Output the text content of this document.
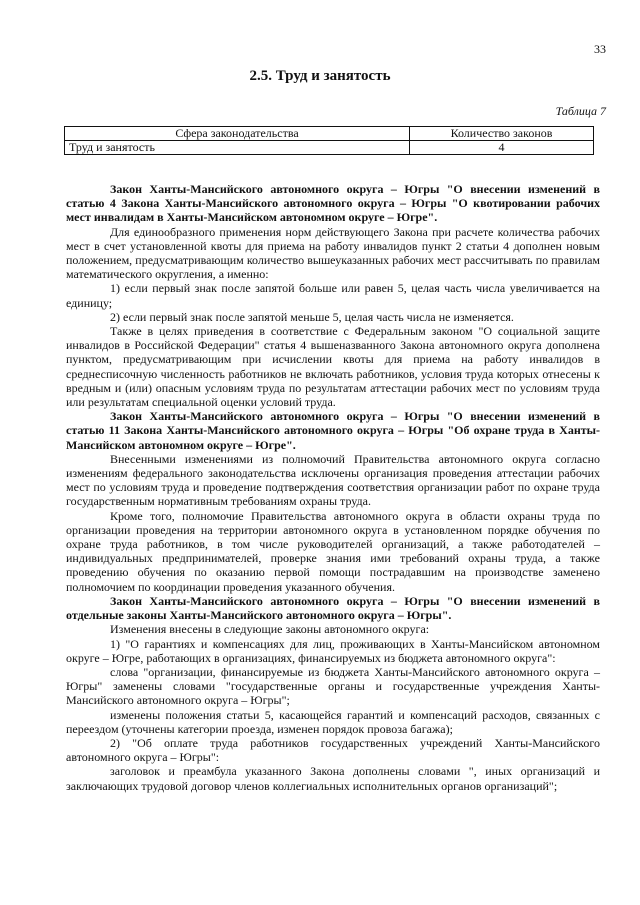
33
2.5. Труд и занятость
Таблица 7
Сфера законодательства	Количество законов
Труд и занятость	4

Закон Ханты-Мансийского автономного округа – Югры "О внесении изменений в статью 4 Закона Ханты-Мансийского автономного округа – Югры "О квотировании рабочих мест инвалидам в Ханты-Мансийском автономном округе – Югре".

Для единообразного применения норм действующего Закона при расчете количества рабочих мест в счет установленной квоты для приема на работу инвалидов пункт 2 статьи 4 дополнен новым положением, предусматривающим количество вышеуказанных рабочих мест рассчитывать по правилам математического округления, а именно:

1) если первый знак после запятой больше или равен 5, целая часть числа увеличивается на единицу;

2) если первый знак после запятой меньше 5, целая часть числа не изменяется.

Также в целях приведения в соответствие с Федеральным законом "О социальной защите инвалидов в Российской Федерации" статья 4 вышеназванного Закона автономного округа дополнена пунктом, предусматривающим при исчислении квоты для приема на работу инвалидов в среднесписочную численность работников не включать работников, условия труда которых отнесены к вредным и (или) опасным условиям труда по результатам аттестации рабочих мест по условиям труда или результатам специальной оценки условий труда.

Закон Ханты-Мансийского автономного округа – Югры "О внесении изменений в статью 11 Закона Ханты-Мансийского автономного округа – Югры "Об охране труда в Ханты-Мансийском автономном округе – Югре".

Внесенными изменениями из полномочий Правительства автономного округа согласно изменениям федерального законодательства исключены организация проведения аттестации рабочих мест по условиям труда и проведение подтверждения соответствия организации работ по охране труда государственным нормативным требованиям охраны труда.

Кроме того, полномочие Правительства автономного округа в области охраны труда по организации проведения на территории автономного округа в установленном порядке обучения по охране труда работников, в том числе руководителей организаций, а также работодателей – индивидуальных предпринимателей, проверке знания ими требований охраны труда, а также проведению обучения по оказанию первой помощи пострадавшим на производстве заменено полномочием по координации проведения указанного обучения.

Закон Ханты-Мансийского автономного округа – Югры "О внесении изменений в отдельные законы Ханты-Мансийского автономного округа – Югры".

Изменения внесены в следующие законы автономного округа:

1) "О гарантиях и компенсациях для лиц, проживающих в Ханты-Мансийском автономном округе – Югре, работающих в организациях, финансируемых из бюджета автономного округа":

слова "организации, финансируемые из бюджета Ханты-Мансийского автономного округа – Югры" заменены словами "государственные органы и государственные учреждения Ханты-Мансийского автономного округа – Югры";

изменены положения статьи 5, касающейся гарантий и компенсаций расходов, связанных с переездом (уточнены категории проезда, изменен порядок провоза багажа);

2) "Об оплате труда работников государственных учреждений Ханты-Мансийского автономного округа – Югры":

заголовок и преамбула указанного Закона дополнены словами ", иных организаций и заключающих трудовой договор членов коллегиальных исполнительных органов организаций";
